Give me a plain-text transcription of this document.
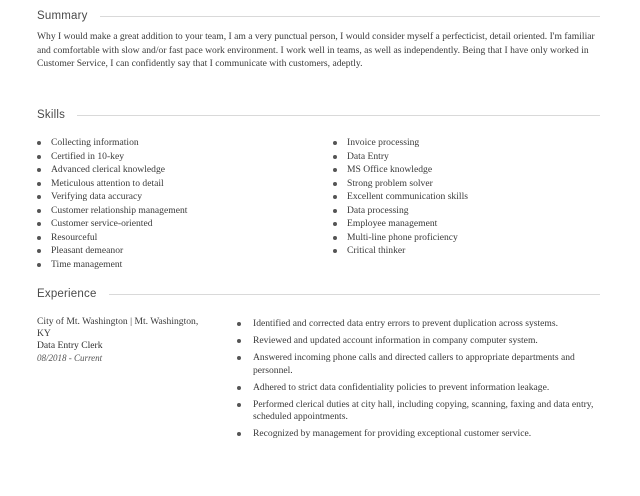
Summary

Why I would make a great addition to your team, I am a very punctual person, I would consider myself a perfecticist, detail oriented. I'm familiar and comfortable with slow and/or fast pace work environment. I work well in teams, as well as independently. Being that I have only worked in Customer Service, I can confidently say that I communicate with customers, adeptly.

Skills
Collecting information
Certified in 10-key
Advanced clerical knowledge
Meticulous attention to detail
Verifying data accuracy
Customer relationship management
Customer service-oriented
Resourceful
Pleasant demeanor
Time management
Invoice processing
Data Entry
MS Office knowledge
Strong problem solver
Excellent communication skills
Data processing
Employee management
Multi-line phone proficiency
Critical thinker
Experience
City of Mt. Washington | Mt. Washington, KY
Data Entry Clerk
08/2018 - Current
Identified and corrected data entry errors to prevent duplication across systems.
Reviewed and updated account information in company computer system.
Answered incoming phone calls and directed callers to appropriate departments and personnel.
Adhered to strict data confidentiality policies to prevent information leakage.
Performed clerical duties at city hall, including copying, scanning, faxing and data entry, scheduled appointments.
Recognized by management for providing exceptional customer service.
